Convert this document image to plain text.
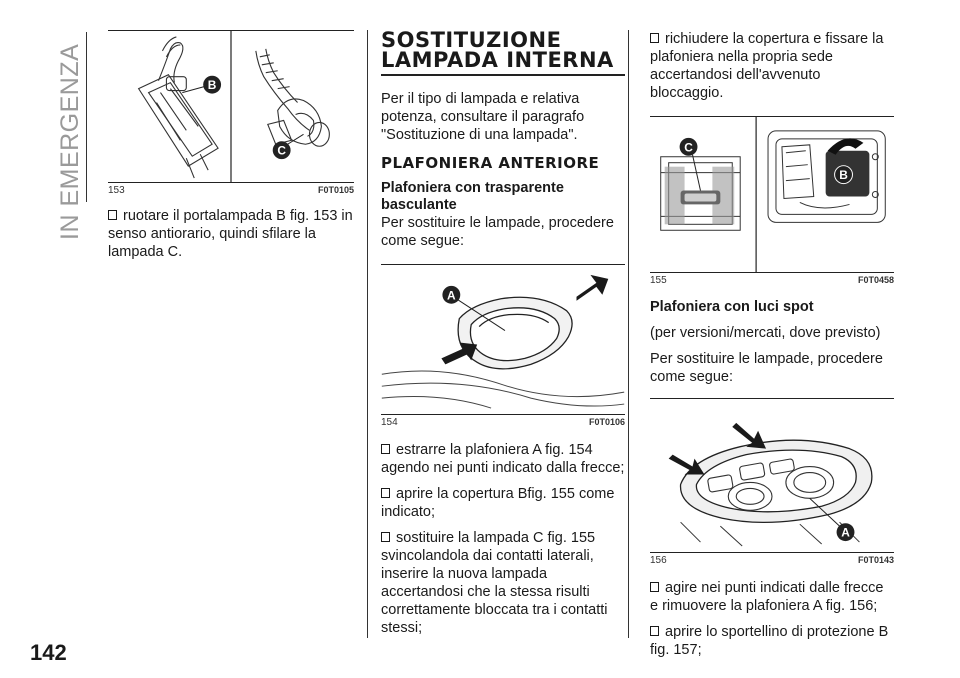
IN EMERGENZA
142
B
C
153	F0T0105
ruotare il portalampada B fig. 153 in senso antiorario, quindi sfilare la lampada C.
SOSTITUZIONE LAMPADA INTERNA
Per il tipo di lampada e relativa potenza, consultare il paragrafo "Sostituzione di una lampada".
PLAFONIERA ANTERIORE
Plafoniera con trasparente basculante
Per sostituire le lampade, procedere come segue:
A
154	F0T0106
estrarre la plafoniera A fig. 154 agendo nei punti indicato dalla frecce;
aprire la copertura Bfig. 155 come indicato;
sostituire la lampada C fig. 155 svincolandola dai contatti laterali, inserire la nuova lampada accertandosi che la stessa risulti correttamente bloccata tra i contatti stessi;
richiudere la copertura e fissare la plafoniera nella propria sede accertandosi dell'avvenuto bloccaggio.
C
B
155	F0T0458
Plafoniera con luci spot
(per versioni/mercati, dove previsto)
Per sostituire le lampade, procedere come segue:
A
156	F0T0143
agire nei punti indicati dalle frecce e rimuovere la plafoniera A fig. 156;
aprire lo sportellino di protezione B fig. 157;
